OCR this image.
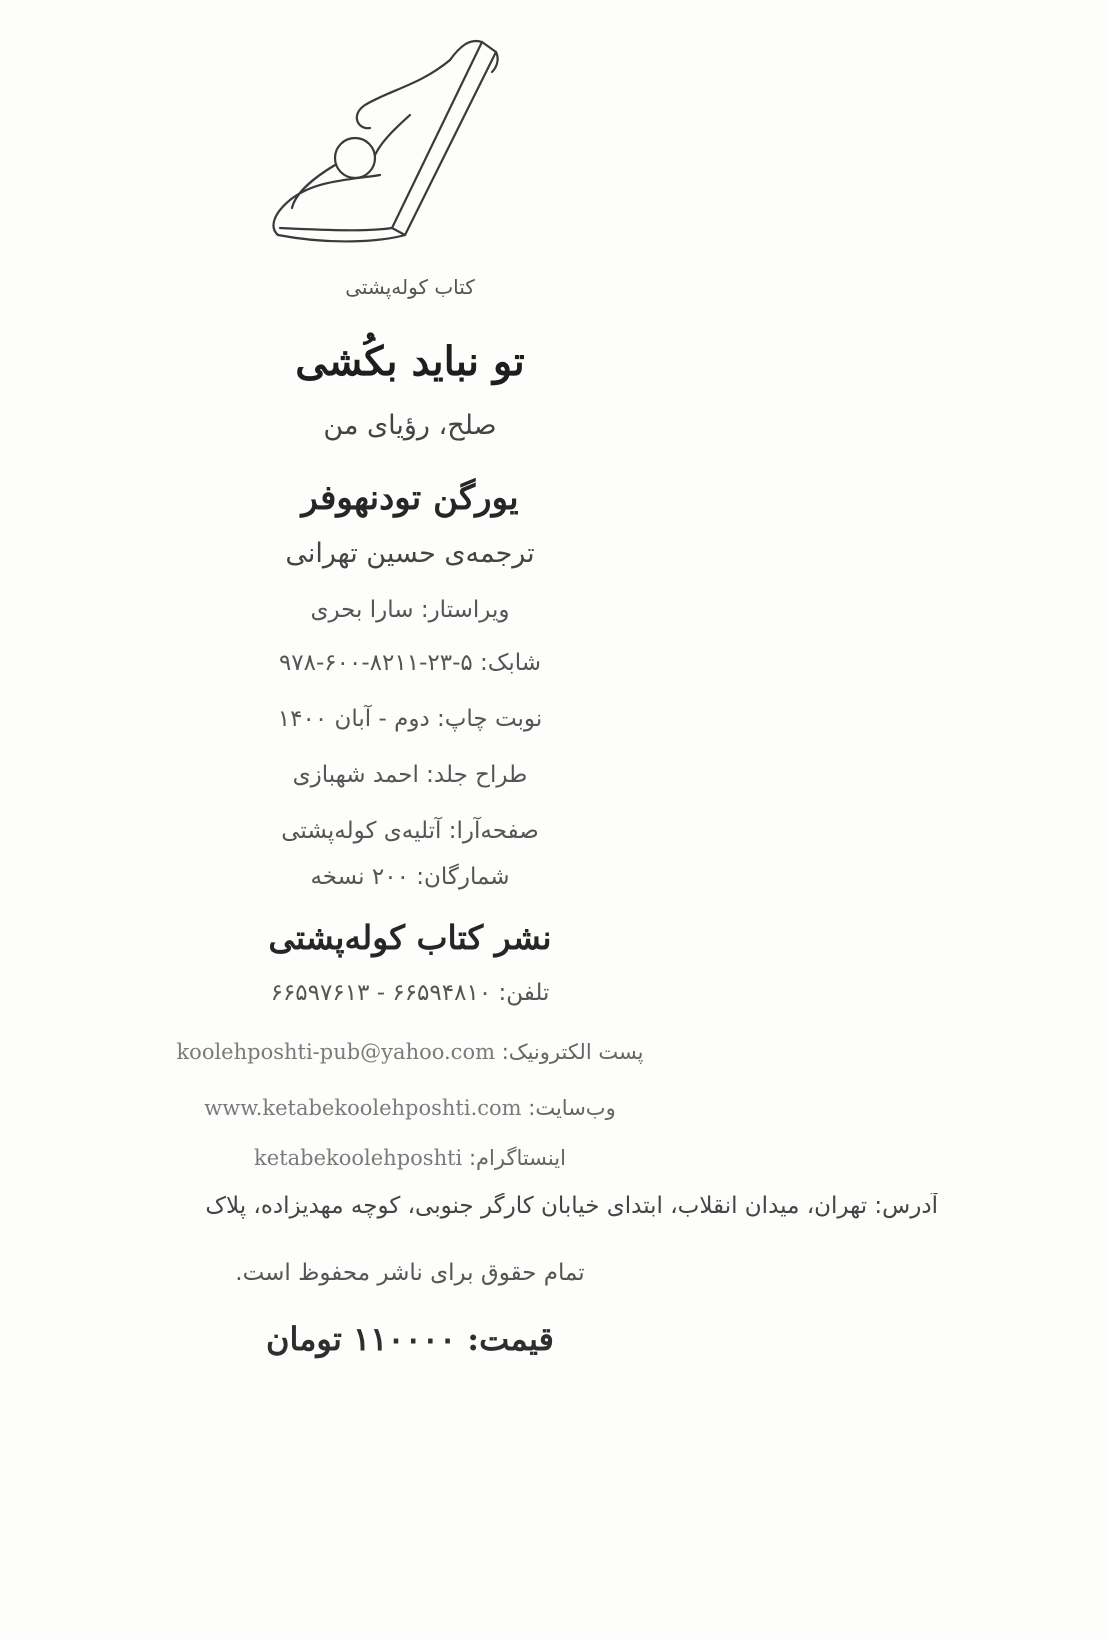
کتاب کوله‌پشتی
تو نباید بکُشی
صلح، رؤیای من
یورگن تودنهوفر
ترجمه‌ی حسین تهرانی
ویراستار: سارا بحری
شابک: ۹۷۸-۶۰۰-۸۲۱۱-۲۳-۵
نوبت چاپ: دوم - آبان ۱۴۰۰
طراح جلد: احمد شهبازی
صفحه‌آرا: آتلیه‌ی کوله‌پشتی
شمارگان: ۲۰۰ نسخه
نشر کتاب کوله‌پشتی
تلفن: ۶۶۵۹۷۶۱۳ - ۶۶۵۹۴۸۱۰
پست الکترونیک: koolehposhti-pub@yahoo.com
وب‌سایت: www.ketabekoolehposhti.com
اینستاگرام: ketabekoolehposhti
آدرس: تهران، میدان انقلاب، ابتدای خیابان کارگر جنوبی، کوچه مهدیزاده، پلاک
تمام حقوق برای ناشر محفوظ است.
قیمت: ۱۱۰۰۰۰ تومان
